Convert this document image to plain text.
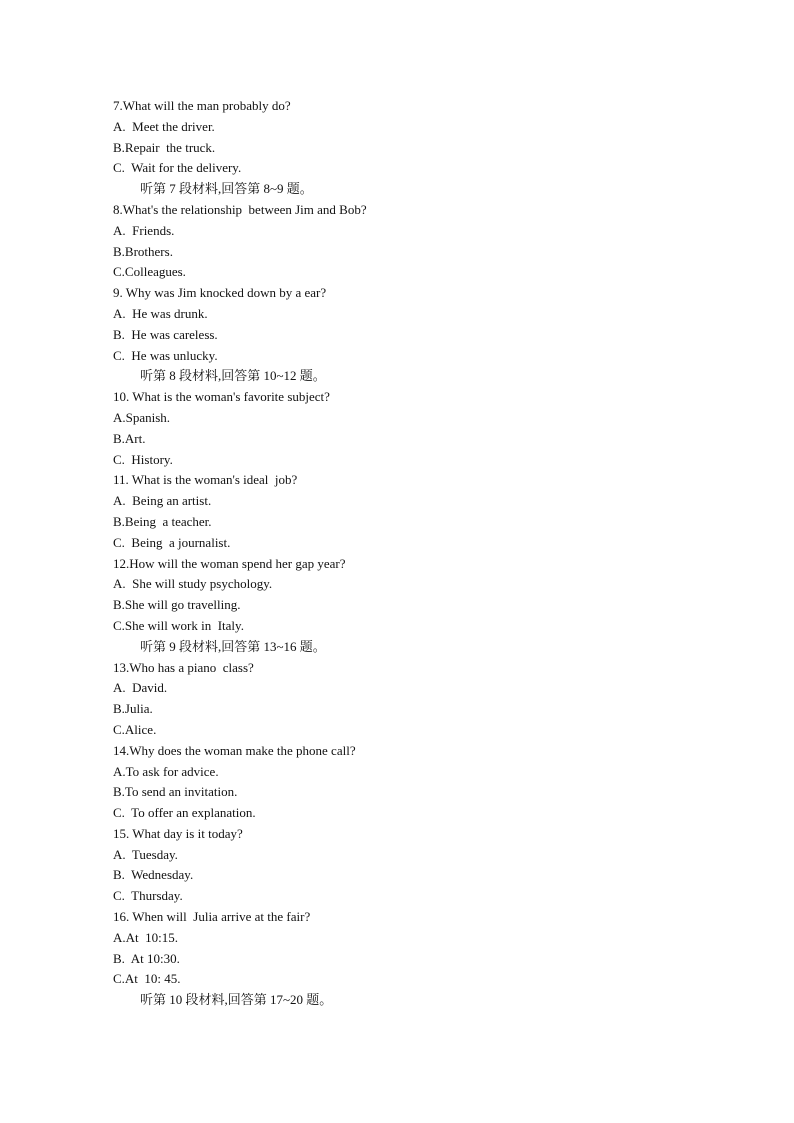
7.What will the man probably do?
A.  Meet the driver.
B.Repair  the truck.
C.  Wait for the delivery.
听第 7 段材料,回答第 8~9 题。
8.What's the relationship  between Jim and Bob?
A.  Friends.
B.Brothers.
C.Colleagues.
9. Why was Jim knocked down by a ear?
A.  He was drunk.
B.  He was careless.
C.  He was unlucky.
听第 8 段材料,回答第 10~12 题。
10. What is the woman's favorite subject?
A.Spanish.
B.Art.
C.  History.
11. What is the woman's ideal  job?
A.  Being an artist.
B.Being  a teacher.
C.  Being  a journalist.
12.How will the woman spend her gap year?
A.  She will study psychology.
B.She will go travelling.
C.She will work in  Italy.
听第 9 段材料,回答第 13~16 题。
13.Who has a piano  class?
A.  David.
B.Julia.
C.Alice.
14.Why does the woman make the phone call?
A.To ask for advice.
B.To send an invitation.
C.  To offer an explanation.
15. What day is it today?
A.  Tuesday.
B.  Wednesday.
C.  Thursday.
16. When will  Julia arrive at the fair?
A.At  10:15.
B.  At 10:30.
C.At  10: 45.
听第 10 段材料,回答第 17~20 题。
